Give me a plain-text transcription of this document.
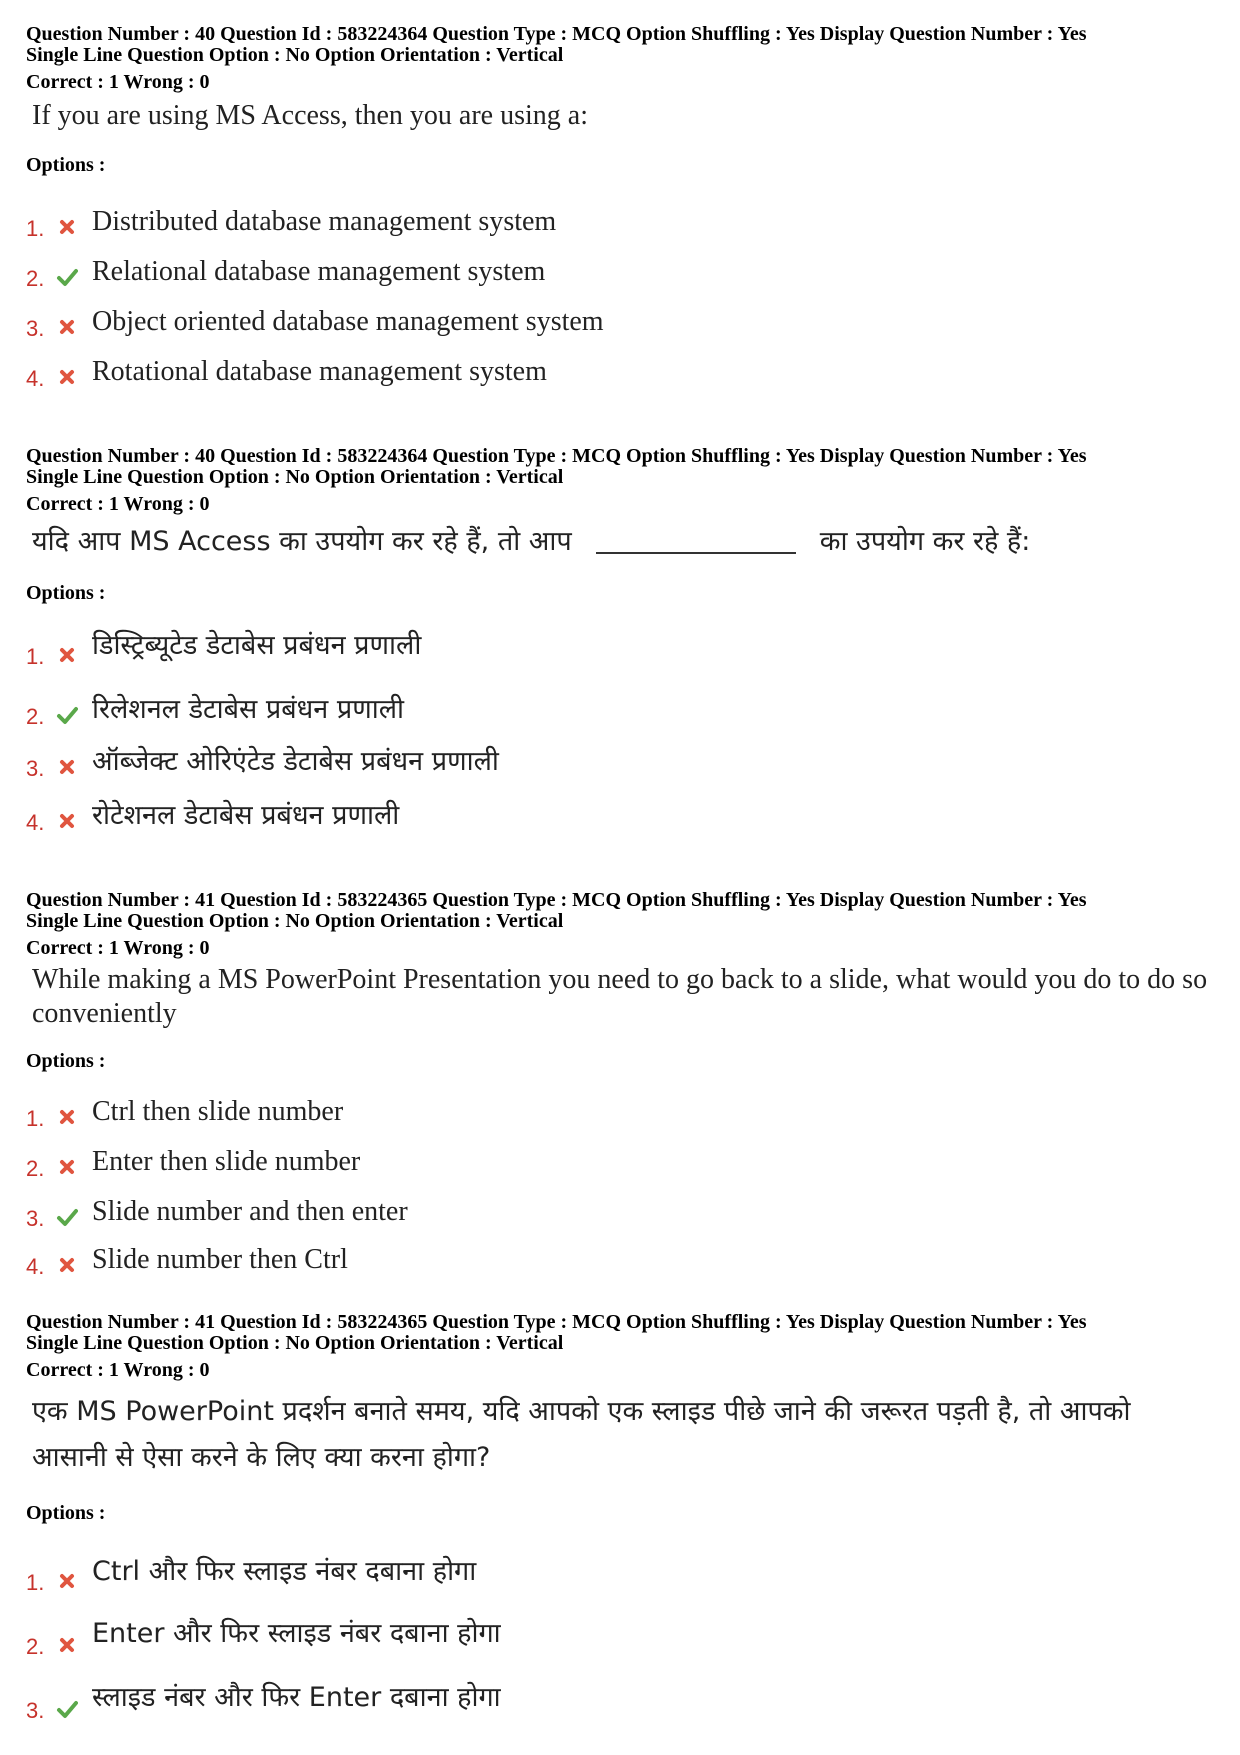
Question Number : 40 Question Id : 583224364 Question Type : MCQ Option Shuffling : Yes Display Question Number : Yes
Single Line Question Option : No Option Orientation : Vertical
Correct : 1 Wrong : 0
If you are using MS Access, then you are using a:
Options :
1. Distributed database management system
2. Relational database management system
3. Object oriented database management system
4. Rotational database management system
Question Number : 40 Question Id : 583224364 Question Type : MCQ Option Shuffling : Yes Display Question Number : Yes
Single Line Question Option : No Option Orientation : Vertical
Correct : 1 Wrong : 0
यदि आप MS Access का उपयोग कर रहे हैं, तो आप	का उपयोग कर रहे हैं:
Options :
1. डिस्ट्रिब्यूटेड डेटाबेस प्रबंधन प्रणाली
2. रिलेशनल डेटाबेस प्रबंधन प्रणाली
3. ऑब्जेक्ट ओरिएंटेड डेटाबेस प्रबंधन प्रणाली
4. रोटेशनल डेटाबेस प्रबंधन प्रणाली
Question Number : 41 Question Id : 583224365 Question Type : MCQ Option Shuffling : Yes Display Question Number : Yes
Single Line Question Option : No Option Orientation : Vertical
Correct : 1 Wrong : 0
While making a MS PowerPoint Presentation you need to go back to a slide, what would you do to do so conveniently
Options :
1. Ctrl then slide number
2. Enter then slide number
3. Slide number and then enter
4. Slide number then Ctrl
Question Number : 41 Question Id : 583224365 Question Type : MCQ Option Shuffling : Yes Display Question Number : Yes
Single Line Question Option : No Option Orientation : Vertical
Correct : 1 Wrong : 0
एक MS PowerPoint प्रदर्शन बनाते समय, यदि आपको एक स्लाइड पीछे जाने की जरूरत पड़ती है, तो आपको आसानी से ऐसा करने के लिए क्या करना होगा?
Options :
1. Ctrl और फिर स्लाइड नंबर दबाना होगा
2. Enter और फिर स्लाइड नंबर दबाना होगा
3. स्लाइड नंबर और फिर Enter दबाना होगा
